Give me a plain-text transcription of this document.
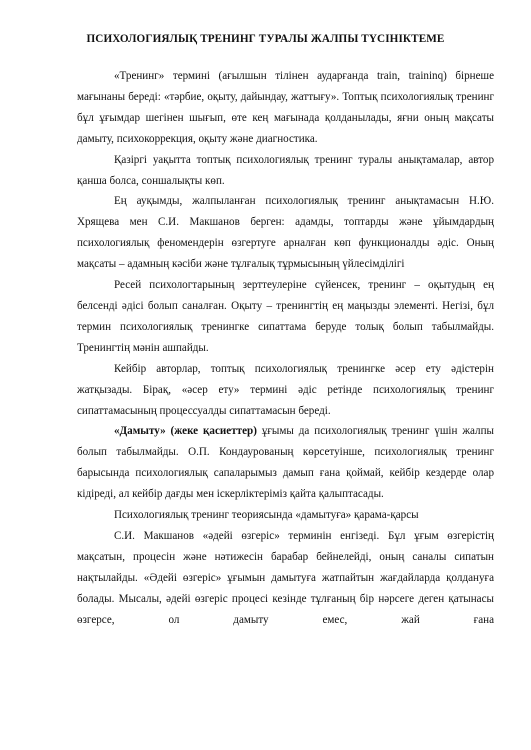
ПСИХОЛОГИЯЛЫҚ ТРЕНИНГ ТУРАЛЫ ЖАЛПЫ ТҮСІНІКТЕМЕ

«Тренинг» термині (ағылшын тілінен аударғанда train, traininq) бірнеше мағынаны береді: «тәрбие, оқыту, дайындау, жаттығу». Топтық психологиялық тренинг бұл ұғымдар шегінен шығып, өте кең мағынада қолданылады, яғни оның мақсаты дамыту, психокоррекция, оқыту және диагностика.

Қазіргі уақытта топтық психологиялық тренинг туралы анықтамалар, автор қанша болса, соншалықты көп.

Ең ауқымды, жалпыланған психологиялық тренинг анықтамасын Н.Ю. Хрящева мен С.И. Макшанов берген: адамды, топтарды және ұйымдардың психологиялық феномендерін өзгертуге арналған көп функционалды әдіс. Оның мақсаты – адамның кәсіби және тұлғалық тұрмысының үйлесімділігі

Ресей психологтарының зерттеулеріне сүйенсек, тренинг – оқытудың ең белсенді әдісі болып саналған. Оқыту – тренингтің ең маңызды элементі. Негізі, бұл термин психологиялық тренингке сипаттама беруде толық болып табылмайды. Тренингтің мәнін ашпайды.

Кейбір авторлар, топтық психологиялық тренингке әсер ету әдістерін жатқызады. Бірақ, «әсер ету» термині әдіс ретінде психологиялық тренинг сипаттамасының процессуалды сипаттамасын береді.

«Дамыту» (жеке қасиеттер) ұғымы да психологиялық тренинг үшін жалпы болып табылмайды. О.П. Кондаурованың көрсетуінше, психологиялық тренинг барысында психологиялық сапаларымыз дамып ғана қоймай, кейбір кездерде олар кідіреді, ал кейбір дағды мен іскерліктеріміз қайта қалыптасады.

Психологиялық тренинг теориясында «дамытуға» қарама-қарсы

С.И. Макшанов «әдейі өзгеріс» терминін енгізеді. Бұл ұғым өзгерістің мақсатын, процесін және нәтижесін барабар бейнелейді, оның саналы сипатын нақтылайды. «Әдейі өзгеріс» ұғымын дамытуға жатпайтын жағдайларда қолдануға болады. Мысалы, әдейі өзгеріс процесі кезінде тұлғаның бір нәрсеге деген қатынасы өзгерсе, ол дамыту емес, жай ғана
